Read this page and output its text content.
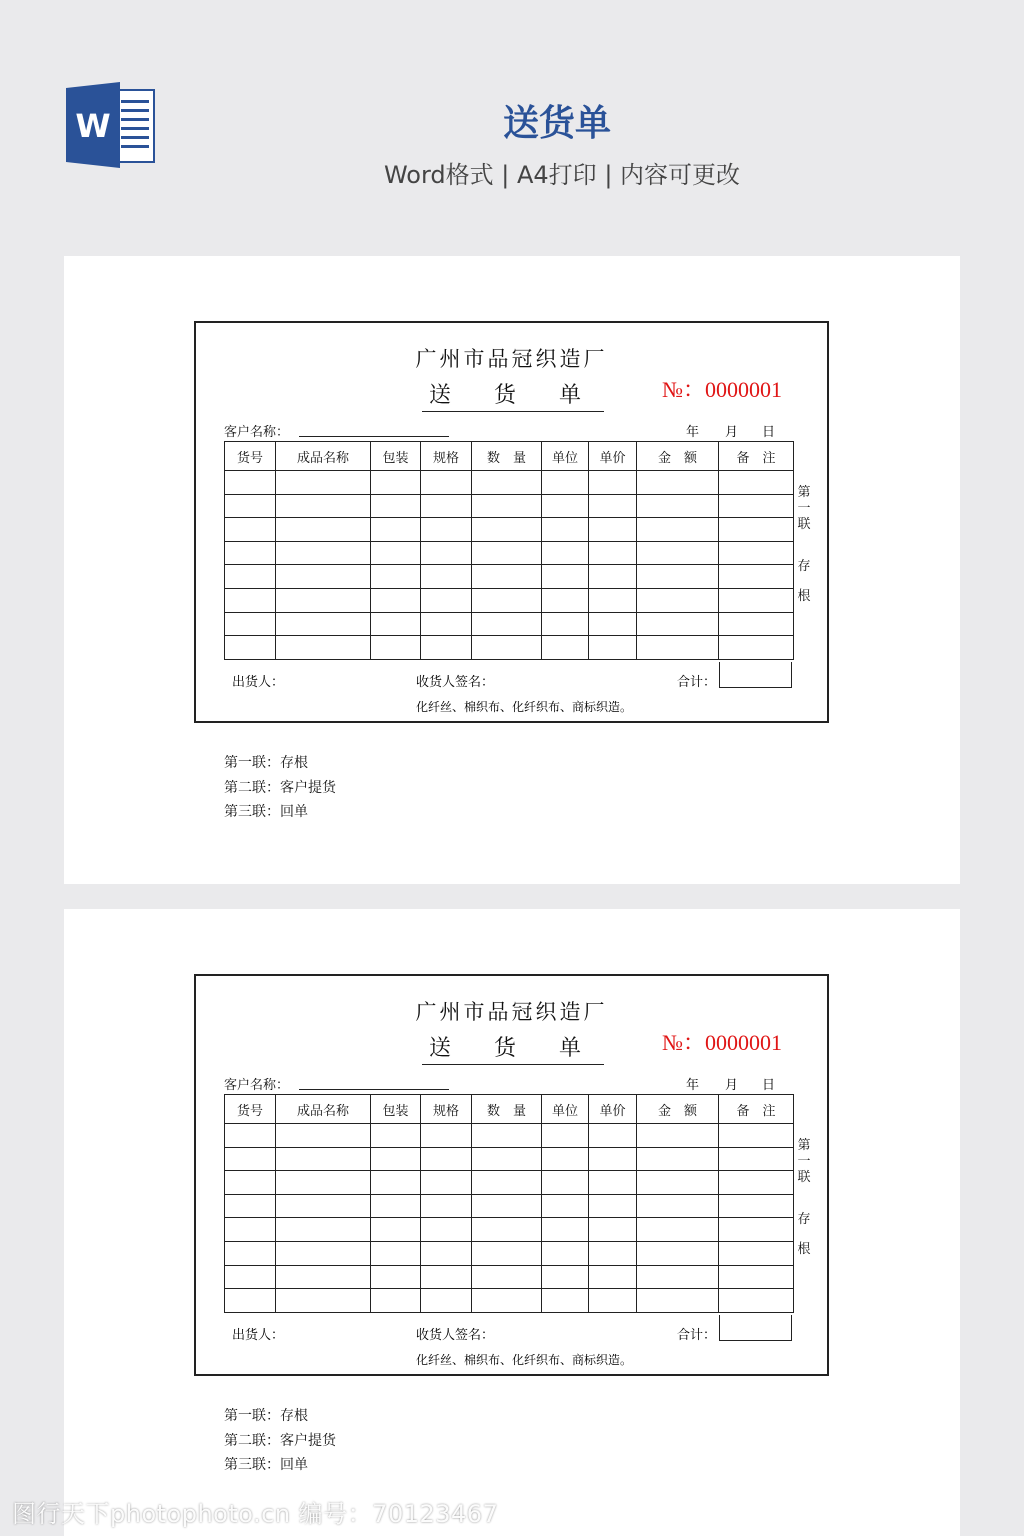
W	送货单
Word格式 | A4打印 | 内容可更改
广州市品冠织造厂
送 货 单	№：0000001
客户名称：	年 月 日
货号	成品名称	包装	规格	数　量	单位	单价	金　额	备　注

第
一
联
存
根
出货人：	收货人签名：	合计：
化纤丝、棉织布、化纤织布、商标织造。
第一联：存根
第二联：客户提货
第三联：回单
广州市品冠织造厂
送 货 单	№：0000001
客户名称：	年 月 日
货号	成品名称	包装	规格	数　量	单位	单价	金　额	备　注

第
一
联
存
根
出货人：	收货人签名：	合计：
化纤丝、棉织布、化纤织布、商标织造。
第一联：存根
第二联：客户提货
第三联：回单
图行天下photophoto.cn 编号：70123467
